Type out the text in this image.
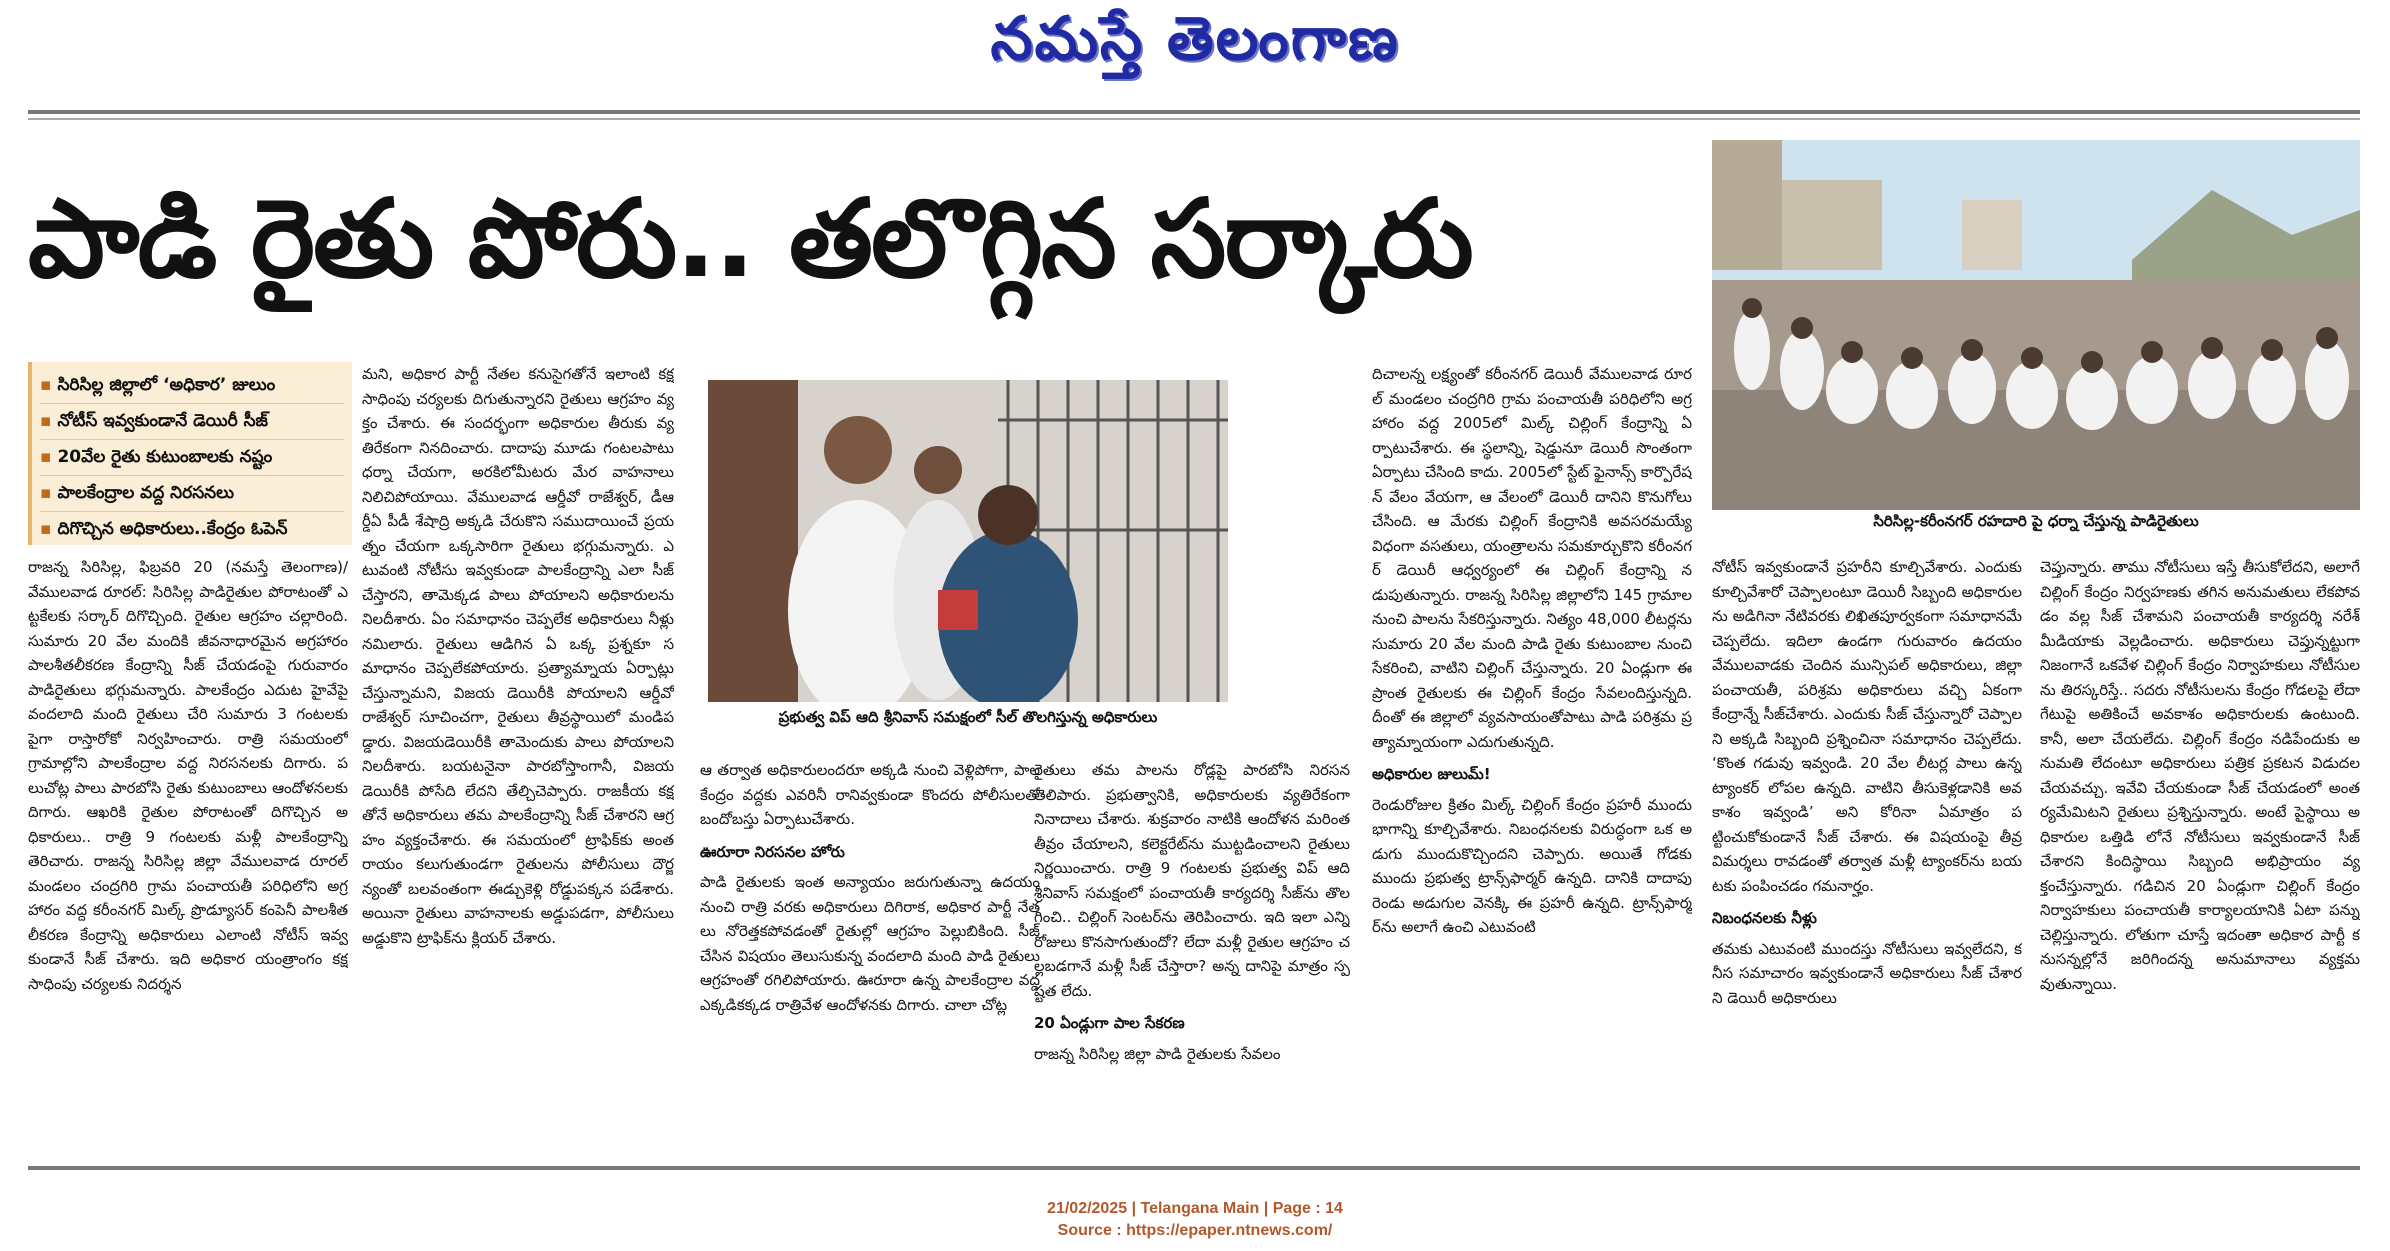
నమస్తే తెలంగాణ
పాడి రైతు పోరు.. తలొగ్గిన సర్కారు
సిరిసిల్ల-కరీంనగర్ రహదారి పై ధర్నా చేస్తున్న పాడిరైతులు
▪ సిరిసిల్ల జిల్లాలో ‘అధికార’ జులుం
▪ నోటీస్ ఇవ్వకుండానే డెయిరీ సీజ్
▪ 20వేల రైతు కుటుంబాలకు నష్టం
▪ పాలకేంద్రాల వద్ద నిరసనలు
▪ దిగొచ్చిన అధికారులు..కేంద్రం ఓపెన్

రాజన్న సిరిసిల్ల, ఫిబ్రవరి 20 (నమస్తే తెలంగాణ)/వేములవాడ రూరల్: సిరిసిల్ల పాడిరైతుల పోరాటంతో ఎట్టకేలకు సర్కార్ దిగొచ్చింది. రైతుల ఆగ్రహం చల్లారింది. సుమారు 20 వేల మందికి జీవనాధారమైన అగ్రహారం పాలశీతలీకరణ కేంద్రాన్ని సీజ్ చేయడంపై గురువారం పాడిరైతులు భగ్గుమన్నారు. పాలకేంద్రం ఎదుట హైవేపై వందలాది మంది రైతులు చేరి సుమారు 3 గంటలకు పైగా రాస్తారోకో నిర్వహించారు. రాత్రి సమయంలో గ్రామాల్లోని పాలకేంద్రాల వద్ద నిరసనలకు దిగారు. పలుచోట్ల పాలు పారబోసి రైతు కుటుంబాలు ఆందోళనలకు దిగారు. ఆఖరికి రైతుల పోరాటంతో దిగొచ్చిన అధికారులు.. రాత్రి 9 గంటలకు మళ్లీ పాలకేంద్రాన్ని తెరిచారు. రాజన్న సిరిసిల్ల జిల్లా వేములవాడ రూరల్ మండలం చంద్రగిరి గ్రామ పంచాయతీ పరిధిలోని అగ్రహారం వద్ద కరీంనగర్ మిల్క్ ప్రొడ్యూసర్ కంపెనీ పాలశీతలీకరణ కేంద్రాన్ని అధికారులు ఎలాంటి నోటీస్ ఇవ్వకుండానే సీజ్ చేశారు. ఇది అధికార యంత్రాంగం కక్షసాధింపు చర్యలకు నిదర్శన

మని, అధికార పార్టీ నేతల కనుసైగతోనే ఇలాంటి కక్షసాధింపు చర్యలకు దిగుతున్నారని రైతులు ఆగ్రహం వ్యక్తం చేశారు. ఈ సందర్భంగా అధికారుల తీరుకు వ్యతిరేకంగా నినదించారు. దాదాపు మూడు గంటలపాటు ధర్నా చేయగా, అరకిలోమీటరు మేర వాహనాలు నిలిచిపోయాయి. వేములవాడ ఆర్డీవో రాజేశ్వర్, డీఆర్డీఏ పీడీ శేషాద్రి అక్కడి చేరుకొని సముదాయించే ప్రయత్నం చేయగా ఒక్కసారిగా రైతులు భగ్గుమన్నారు. ఎటువంటి నోటీసు ఇవ్వకుండా పాలకేంద్రాన్ని ఎలా సీజ్ చేస్తారని, తామెక్కడ పాలు పోయాలని అధికారులను నిలదీశారు. ఏం సమాధానం చెప్పలేక అధికారులు నీళ్లు నమిలారు. రైతులు ఆడిగిన ఏ ఒక్క ప్రశ్నకూ సమాధానం చెప్పలేకపోయారు. ప్రత్యామ్నాయ ఏర్పాట్లు చేస్తున్నామని, విజయ డెయిరీకి పోయాలని ఆర్డీవో రాజేశ్వర్ సూచించగా, రైతులు తీవ్రస్థాయిలో మండిపడ్డారు. విజయడెయిరీకి తామెందుకు పాలు పోయాలని నిలదీశారు. బయటనైనా పారబోస్తాంగానీ, విజయ డెయిరీకి పోసేది లేదని తేల్చిచెప్పారు. రాజకీయ కక్షతోనే అధికారులు తమ పాలకేంద్రాన్ని సీజ్ చేశారని ఆగ్రహం వ్యక్తంచేశారు. ఈ సమయంలో ట్రాఫిక్‌కు అంతరాయం కలుగుతుండగా రైతులను పోలీసులు దౌర్జన్యంతో బలవంతంగా ఈడ్చుకెళ్లి రోడ్డుపక్కన పడేశారు. అయినా రైతులు వాహనాలకు అడ్డుపడగా, పోలీసులు అడ్డుకొని ట్రాఫిక్‌ను క్లియర్ చేశారు.

ప్రభుత్వ విప్ ఆది శ్రీనివాస్ సమక్షంలో సీల్ తొలగిస్తున్న అధికారులు

ఆ తర్వాత అధికారులందరూ అక్కడి నుంచి వెళ్లిపోగా, పాలకేంద్రం వద్దకు ఎవరినీ రానివ్వకుండా కొందరు పోలీసులతో బందోబస్తు ఏర్పాటుచేశారు.

ఊరూరా నిరసనల హోరు

పాడి రైతులకు ఇంత అన్యాయం జరుగుతున్నా ఉదయం నుంచి రాత్రి వరకు అధికారులు దిగిరాక, అధికార పార్టీ నేతలు నోరెత్తకపోవడంతో రైతుల్లో ఆగ్రహం పెల్లుబికింది. సీజ్ చేసిన విషయం తెలుసుకున్న వందలాది మంది పాడి రైతులు ఆగ్రహంతో రగిలిపోయారు. ఊరూరా ఉన్న పాలకేంద్రాల వద్ద ఎక్కడికక్కడ రాత్రివేళ ఆందోళనకు దిగారు. చాలా చోట్ల

రైతులు తమ పాలను రోడ్లపై పారబోసి నిరసన తెలిపారు. ప్రభుత్వానికి, అధికారులకు వ్యతిరేకంగా నినాదాలు చేశారు. శుక్రవారం నాటికి ఆందోళన మరింత తీవ్రం చేయాలని, కలెక్టరేట్‌ను ముట్టడించాలని రైతులు నిర్ణయించారు. రాత్రి 9 గంటలకు ప్రభుత్వ విప్ ఆది శ్రీనివాస్ సమక్షంలో పంచాయతీ కార్యదర్శి సీజ్‌ను తొలగించి.. చిల్లింగ్ సెంటర్‌ను తెరిపించారు. ఇది ఇలా ఎన్ని రోజులు కొనసాగుతుందో? లేదా మళ్లీ రైతుల ఆగ్రహం చల్లబడగానే మళ్లీ సీజ్ చేస్తారా? అన్న దానిపై మాత్రం స్పష్టత లేదు.

20 ఏండ్లుగా పాల సేకరణ

రాజన్న సిరిసిల్ల జిల్లా పాడి రైతులకు సేవలం

దిచాలన్న లక్ష్యంతో కరీంనగర్ డెయిరీ వేములవాడ రూరల్ మండలం చంద్రగిరి గ్రామ పంచాయతీ పరిధిలోని అగ్రహారం వద్ద 2005లో మిల్క్ చిల్లింగ్ కేంద్రాన్ని ఏర్పాటుచేశారు. ఈ స్థలాన్ని, షెడ్డునూ డెయిరీ సొంతంగా ఏర్పాటు చేసింది కాదు. 2005లో స్టేట్ ఫైనాన్స్ కార్పొరేషన్ వేలం వేయగా, ఆ వేలంలో డెయిరీ దానిని కొనుగోలు చేసింది. ఆ మేరకు చిల్లింగ్ కేంద్రానికి అవసరమయ్యే విధంగా వసతులు, యంత్రాలను సమకూర్చుకొని కరీంనగర్ డెయిరీ ఆధ్వర్యంలో ఈ చిల్లింగ్ కేంద్రాన్ని నడుపుతున్నారు. రాజన్న సిరిసిల్ల జిల్లాలోని 145 గ్రామాల నుంచి పాలను సేకరిస్తున్నారు. నిత్యం 48,000 లీటర్లను సుమారు 20 వేల మంది పాడి రైతు కుటుంబాల నుంచి సేకరించి, వాటిని చిల్లింగ్ చేస్తున్నారు. 20 ఏండ్లుగా ఈ ప్రాంత రైతులకు ఈ చిల్లింగ్ కేంద్రం సేవలందిస్తున్నది. దీంతో ఈ జిల్లాలో వ్యవసాయంతోపాటు పాడి పరిశ్రమ ప్రత్యామ్నాయంగా ఎదుగుతున్నది.

అధికారుల జులుమ్!

రెండురోజుల క్రితం మిల్క్ చిల్లింగ్ కేంద్రం ప్రహరీ ముందు భాగాన్ని కూల్చివేశారు. నిబంధనలకు విరుద్ధంగా ఒక అడుగు ముందుకొచ్చిందని చెప్పారు. అయితే గోడకు ముందు ప్రభుత్వ ట్రాన్స్‌ఫార్మర్ ఉన్నది. దానికి దాదాపు రెండు అడుగుల వెనక్కి ఈ ప్రహరీ ఉన్నది. ట్రాన్స్‌ఫార్మర్‌ను అలాగే ఉంచి ఎటువంటి

నోటీస్ ఇవ్వకుండానే ప్రహరీని కూల్చివేశారు. ఎందుకు కూల్చివేశారో చెప్పాలంటూ డెయిరీ సిబ్బంది అధికారులను అడిగినా నేటివరకు లిఖితపూర్వకంగా సమాధానమే చెప్పలేదు. ఇదిలా ఉండగా గురువారం ఉదయం వేములవాడకు చెందిన మున్సిపల్ అధికారులు, జిల్లా పంచాయతీ, పరిశ్రమ అధికారులు వచ్చి ఏకంగా కేంద్రాన్నే సీజ్‌చేశారు. ఎందుకు సీజ్ చేస్తున్నారో చెప్పాలని అక్కడి సిబ్బంది ప్రశ్నించినా సమాధానం చెప్పలేదు. ‘కొంత గడువు ఇవ్వండి. 20 వేల లీటర్ల పాలు ఉన్న ట్యాంకర్ లోపల ఉన్నది. వాటిని తీసుకెళ్లడానికి అవకాశం ఇవ్వండి’ అని కోరినా ఏమాత్రం పట్టించుకోకుండానే సీజ్ చేశారు. ఈ విషయంపై తీవ్ర విమర్శలు రావడంతో తర్వాత మళ్లీ ట్యాంకర్‌ను బయటకు పంపించడం గమనార్హం.

నిబంధనలకు నీళ్లు

తమకు ఎటువంటి ముందస్తు నోటీసులు ఇవ్వలేదని, కనీస సమాచారం ఇవ్వకుండానే అధికారులు సీజ్ చేశారని డెయిరీ అధికారులు

చెప్తున్నారు. తాము నోటీసులు ఇస్తే తీసుకోలేదని, అలాగే చిల్లింగ్ కేంద్రం నిర్వహణకు తగిన అనుమతులు లేకపోవడం వల్ల సీజ్ చేశామని పంచాయతీ కార్యదర్శి నరేశ్ మీడియాకు వెల్లడించారు. అధికారులు చెప్తున్నట్టుగా నిజంగానే ఒకవేళ చిల్లింగ్ కేంద్రం నిర్వాహకులు నోటీసులను తిరస్కరిస్తే.. సదరు నోటీసులను కేంద్రం గోడలపై లేదా గేటుపై అతికించే అవకాశం అధికారులకు ఉంటుంది. కానీ, అలా చేయలేదు. చిల్లింగ్ కేంద్రం నడిపేందుకు అనుమతి లేదంటూ అధికారులు పత్రిక ప్రకటన విడుదల చేయవచ్చు. ఇవేవి చేయకుండా సీజ్ చేయడంలో అంతర్యమేమిటని రైతులు ప్రశ్నిస్తున్నారు. అంటే పైస్థాయి అధికారుల ఒత్తిడి లోనే నోటీసులు ఇవ్వకుండానే సీజ్ చేశారని కిందిస్థాయి సిబ్బంది అభిప్రాయం వ్యక్తంచేస్తున్నారు. గడిచిన 20 ఏండ్లుగా చిల్లింగ్ కేంద్రం నిర్వాహకులు పంచాయతీ కార్యాలయానికి ఏటా పన్ను చెల్లిస్తున్నారు. లోతుగా చూస్తే ఇదంతా అధికార పార్టీ కనుసన్నల్లోనే జరిగిందన్న అనుమానాలు వ్యక్తమవుతున్నాయి.

21/02/2025 | Telangana Main | Page : 14
Source : https://epaper.ntnews.com/
